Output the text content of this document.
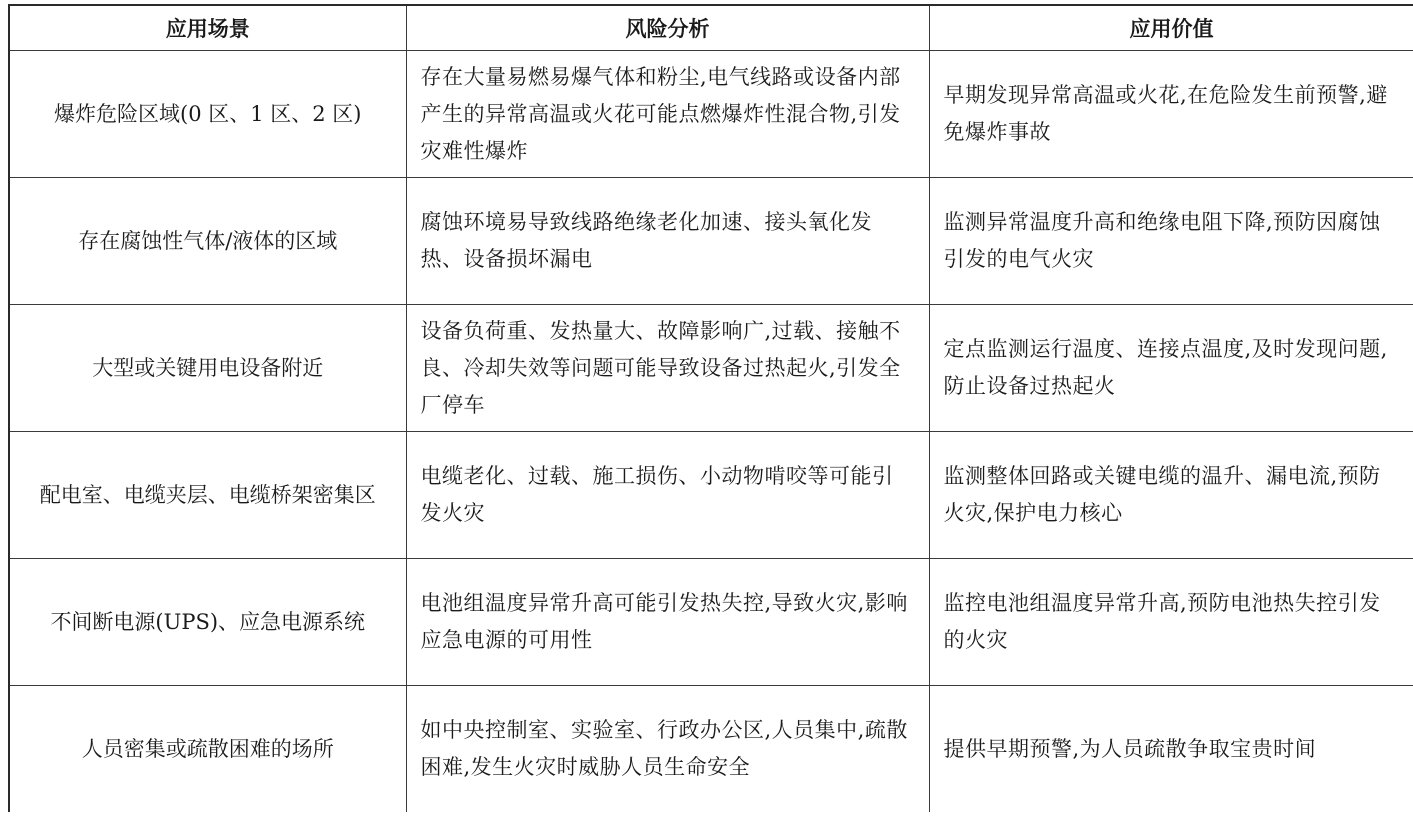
应用场景	风险分析	应用价值
爆炸危险区域(0 区、1 区、2 区)	存在大量易燃易爆气体和粉尘,电气线路或设备内部产生的异常高温或火花可能点燃爆炸性混合物,引发灾难性爆炸	早期发现异常高温或火花,在危险发生前预警,避免爆炸事故
存在腐蚀性气体/液体的区域	腐蚀环境易导致线路绝缘老化加速、接头氧化发热、设备损坏漏电	监测异常温度升高和绝缘电阻下降,预防因腐蚀引发的电气火灾
大型或关键用电设备附近	设备负荷重、发热量大、故障影响广,过载、接触不良、冷却失效等问题可能导致设备过热起火,引发全厂停车	定点监测运行温度、连接点温度,及时发现问题,防止设备过热起火
配电室、电缆夹层、电缆桥架密集区	电缆老化、过载、施工损伤、小动物啃咬等可能引发火灾	监测整体回路或关键电缆的温升、漏电流,预防火灾,保护电力核心
不间断电源(UPS)、应急电源系统	电池组温度异常升高可能引发热失控,导致火灾,影响应急电源的可用性	监控电池组温度异常升高,预防电池热失控引发的火灾
人员密集或疏散困难的场所	如中央控制室、实验室、行政办公区,人员集中,疏散困难,发生火灾时威胁人员生命安全	提供早期预警,为人员疏散争取宝贵时间
